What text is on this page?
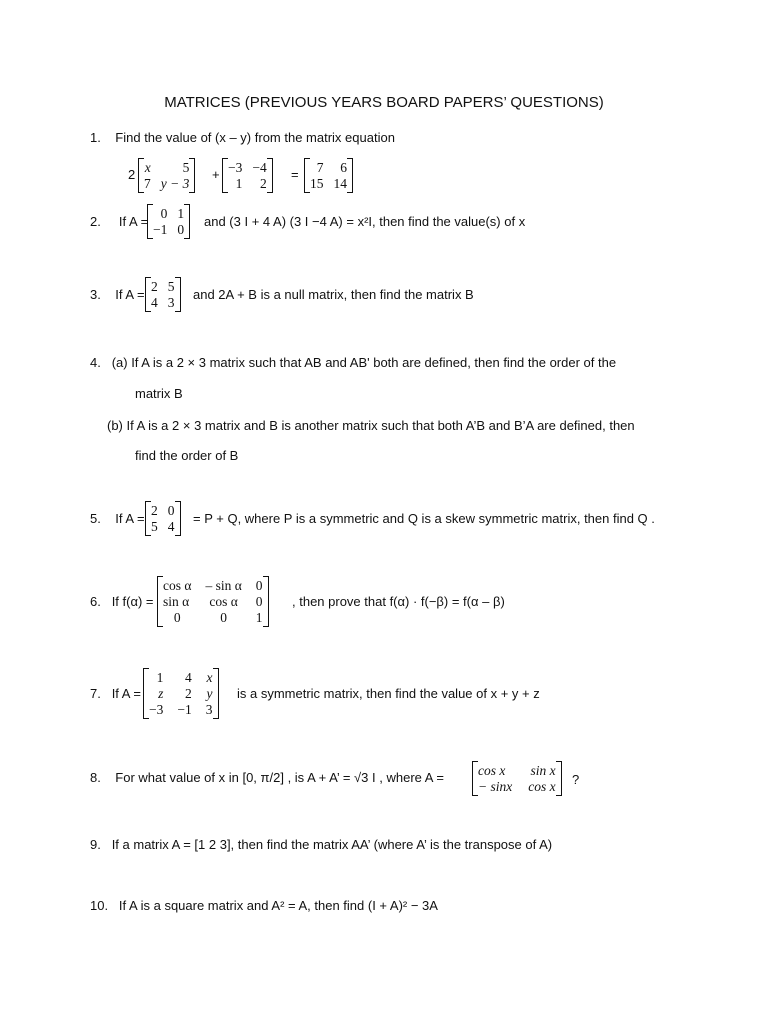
MATRICES (PREVIOUS YEARS BOARD PAPERS’ QUESTIONS)
1. Find the value of (x – y) from the matrix equation
2 x	5
7 y − 3
+ −3 −4
1	2
=	7	6
15 14
2. If A =
0 1
−1 0
and (3 I + 4 A) (3 I −4 A) = x²I, then find the value(s) of x
3. If A =
2 5
4 3
and 2A + B is a null matrix, then find the matrix B
4. (a) If A is a 2 × 3 matrix such that AB and AB' both are defined, then find the order of the
matrix B
(b) If A is a 2 × 3 matrix and B is another matrix such that both A’B and B’A are defined, then
find the order of B
5. If A =
2 0
5 4
= P + Q, where P is a symmetric and Q is a skew symmetric matrix, then find Q .
6. If f(α) =
cos α – sin α 0
sin α cos α 0
0	0	1
, then prove that f(α) · f(−β) = f(α – β)
7. If A =
1	4 x
z	2 y
−3 −1 3
is a symmetric matrix, then find the value of x + y + z
8. For what value of x in [0, π/2] , is A + A’ = √3 I , where A =	cos x	sin x
− sinx cos x ?
9. If a matrix A = [1 2 3], then find the matrix AA’ (where A’ is the transpose of A)
10. If A is a square matrix and A² = A, then find (I + A)² − 3A
